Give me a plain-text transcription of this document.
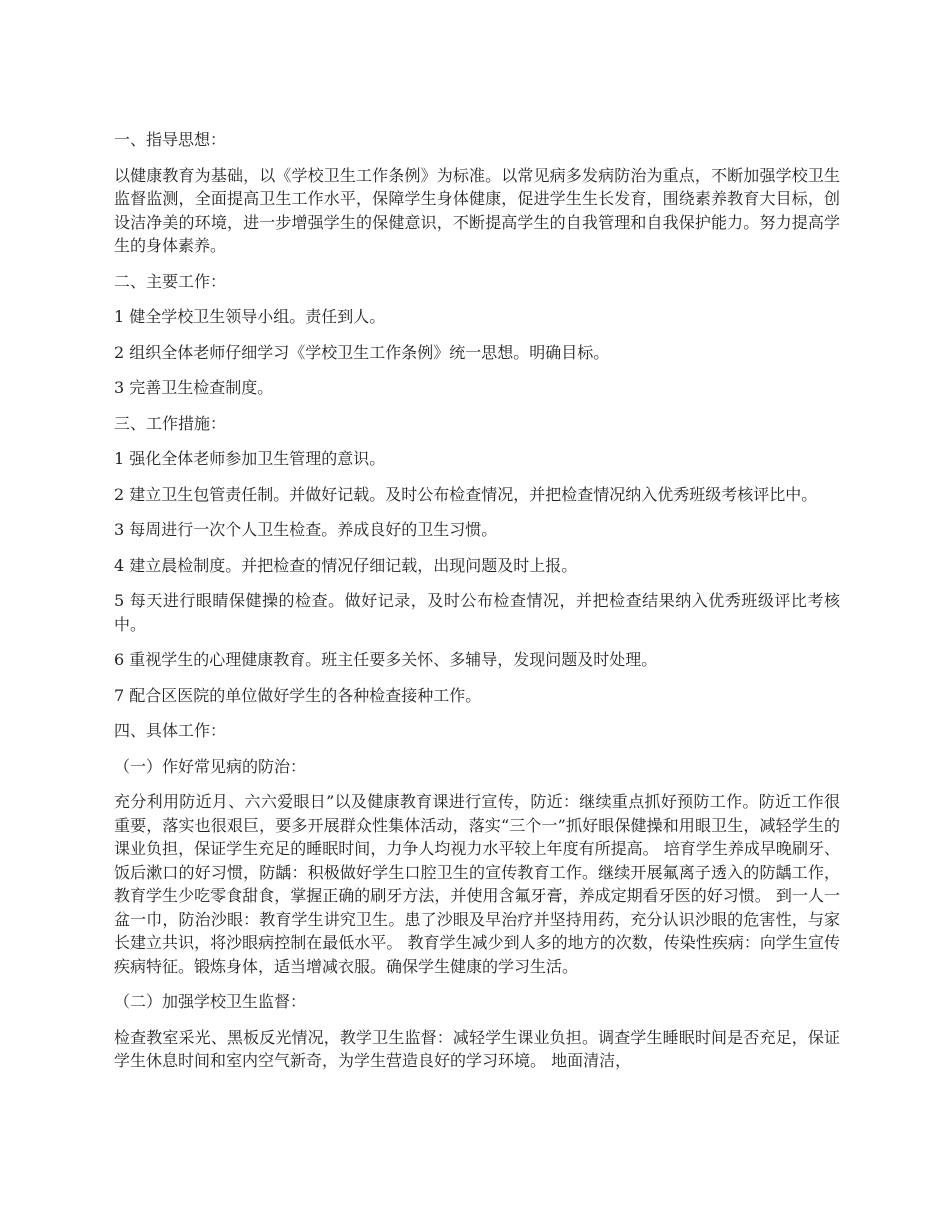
一、指导思想：

以健康教育为基础，以《学校卫生工作条例》为标准。以常见病多发病防治为重点，不断加强学校卫生监督监测，全面提高卫生工作水平，保障学生身体健康，促进学生生长发育，围绕素养教育大目标，创设洁净美的环境，进一步增强学生的保健意识，不断提高学生的自我管理和自我保护能力。努力提高学生的身体素养。

二、主要工作：

1 健全学校卫生领导小组。责任到人。

2 组织全体老师仔细学习《学校卫生工作条例》统一思想。明确目标。

3 完善卫生检查制度。

三、工作措施：

1 强化全体老师参加卫生管理的意识。

2 建立卫生包管责任制。并做好记载。及时公布检查情况，并把检查情况纳入优秀班级考核评比中。

3 每周进行一次个人卫生检查。养成良好的卫生习惯。

4 建立晨检制度。并把检查的情况仔细记载，出现问题及时上报。

5 每天进行眼睛保健操的检查。做好记录，及时公布检查情况，并把检查结果纳入优秀班级评比考核中。

6 重视学生的心理健康教育。班主任要多关怀、多辅导，发现问题及时处理。

7 配合区医院的单位做好学生的各种检查接种工作。

四、具体工作：

（一）作好常见病的防治：

充分利用防近月、六六爱眼日”以及健康教育课进行宣传，防近：继续重点抓好预防工作。防近工作很重要，落实也很艰巨，要多开展群众性集体活动，落实“三个一”抓好眼保健操和用眼卫生，减轻学生的课业负担，保证学生充足的睡眠时间，力争人均视力水平较上年度有所提高。 培育学生养成早晚刷牙、饭后漱口的好习惯，防龋：积极做好学生口腔卫生的宣传教育工作。继续开展氟离子透入的防龋工作，教育学生少吃零食甜食，掌握正确的刷牙方法，并使用含氟牙膏，养成定期看牙医的好习惯。 到一人一盆一巾，防治沙眼：教育学生讲究卫生。患了沙眼及早治疗并坚持用药，充分认识沙眼的危害性，与家长建立共识，将沙眼病控制在最低水平。 教育学生减少到人多的地方的次数，传染性疾病：向学生宣传疾病特征。锻炼身体，适当增减衣服。确保学生健康的学习生活。

（二）加强学校卫生监督：

检查教室采光、黑板反光情况，教学卫生监督：减轻学生课业负担。调查学生睡眠时间是否充足，保证学生休息时间和室内空气新奇，为学生营造良好的学习环境。 地面清洁，
